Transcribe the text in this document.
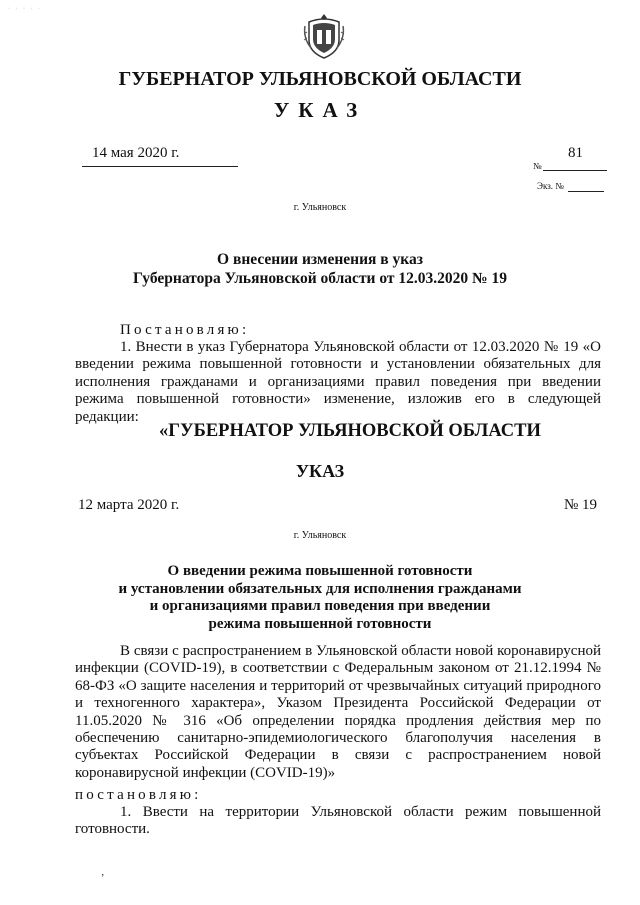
· · · · ·
ГУБЕРНАТОР УЛЬЯНОВСКОЙ ОБЛАСТИ
УКАЗ
14 мая 2020 г.
№
81
Экз. №
г. Ульяновск
О внесении изменения в указ
Губернатора Ульяновской области от 12.03.2020 № 19
Постановляю:
1. Внести в указ Губернатора Ульяновской области от 12.03.2020 № 19 «О введении режима повышенной готовности и установлении обязательных для исполнения гражданами и организациями правил поведения при введении режима повышенной готовности» изменение, изложив его в следующей редакции:
«ГУБЕРНАТОР УЛЬЯНОВСКОЙ ОБЛАСТИ
УКАЗ
12 марта 2020 г.	№ 19
г. Ульяновск
О введении режима повышенной готовности
и установлении обязательных для исполнения гражданами
и организациями правил поведения при введении
режима повышенной готовности
В связи с распространением в Ульяновской области новой коронавирусной инфекции (COVID-19), в соответствии с Федеральным законом от 21.12.1994 № 68-ФЗ «О защите населения и территорий от чрезвычайных ситуаций природного и техногенного характера», Указом Президента Российской Федерации от 11.05.2020 № 316 «Об определении порядка продления действия мер по обеспечению санитарно-эпидемиологического благополучия населения в субъектах Российской Федерации в связи с распространением новой коронавирусной инфекции (COVID-19)»
постановляю:
1. Ввести на территории Ульяновской области режим повышенной готовности.
’
